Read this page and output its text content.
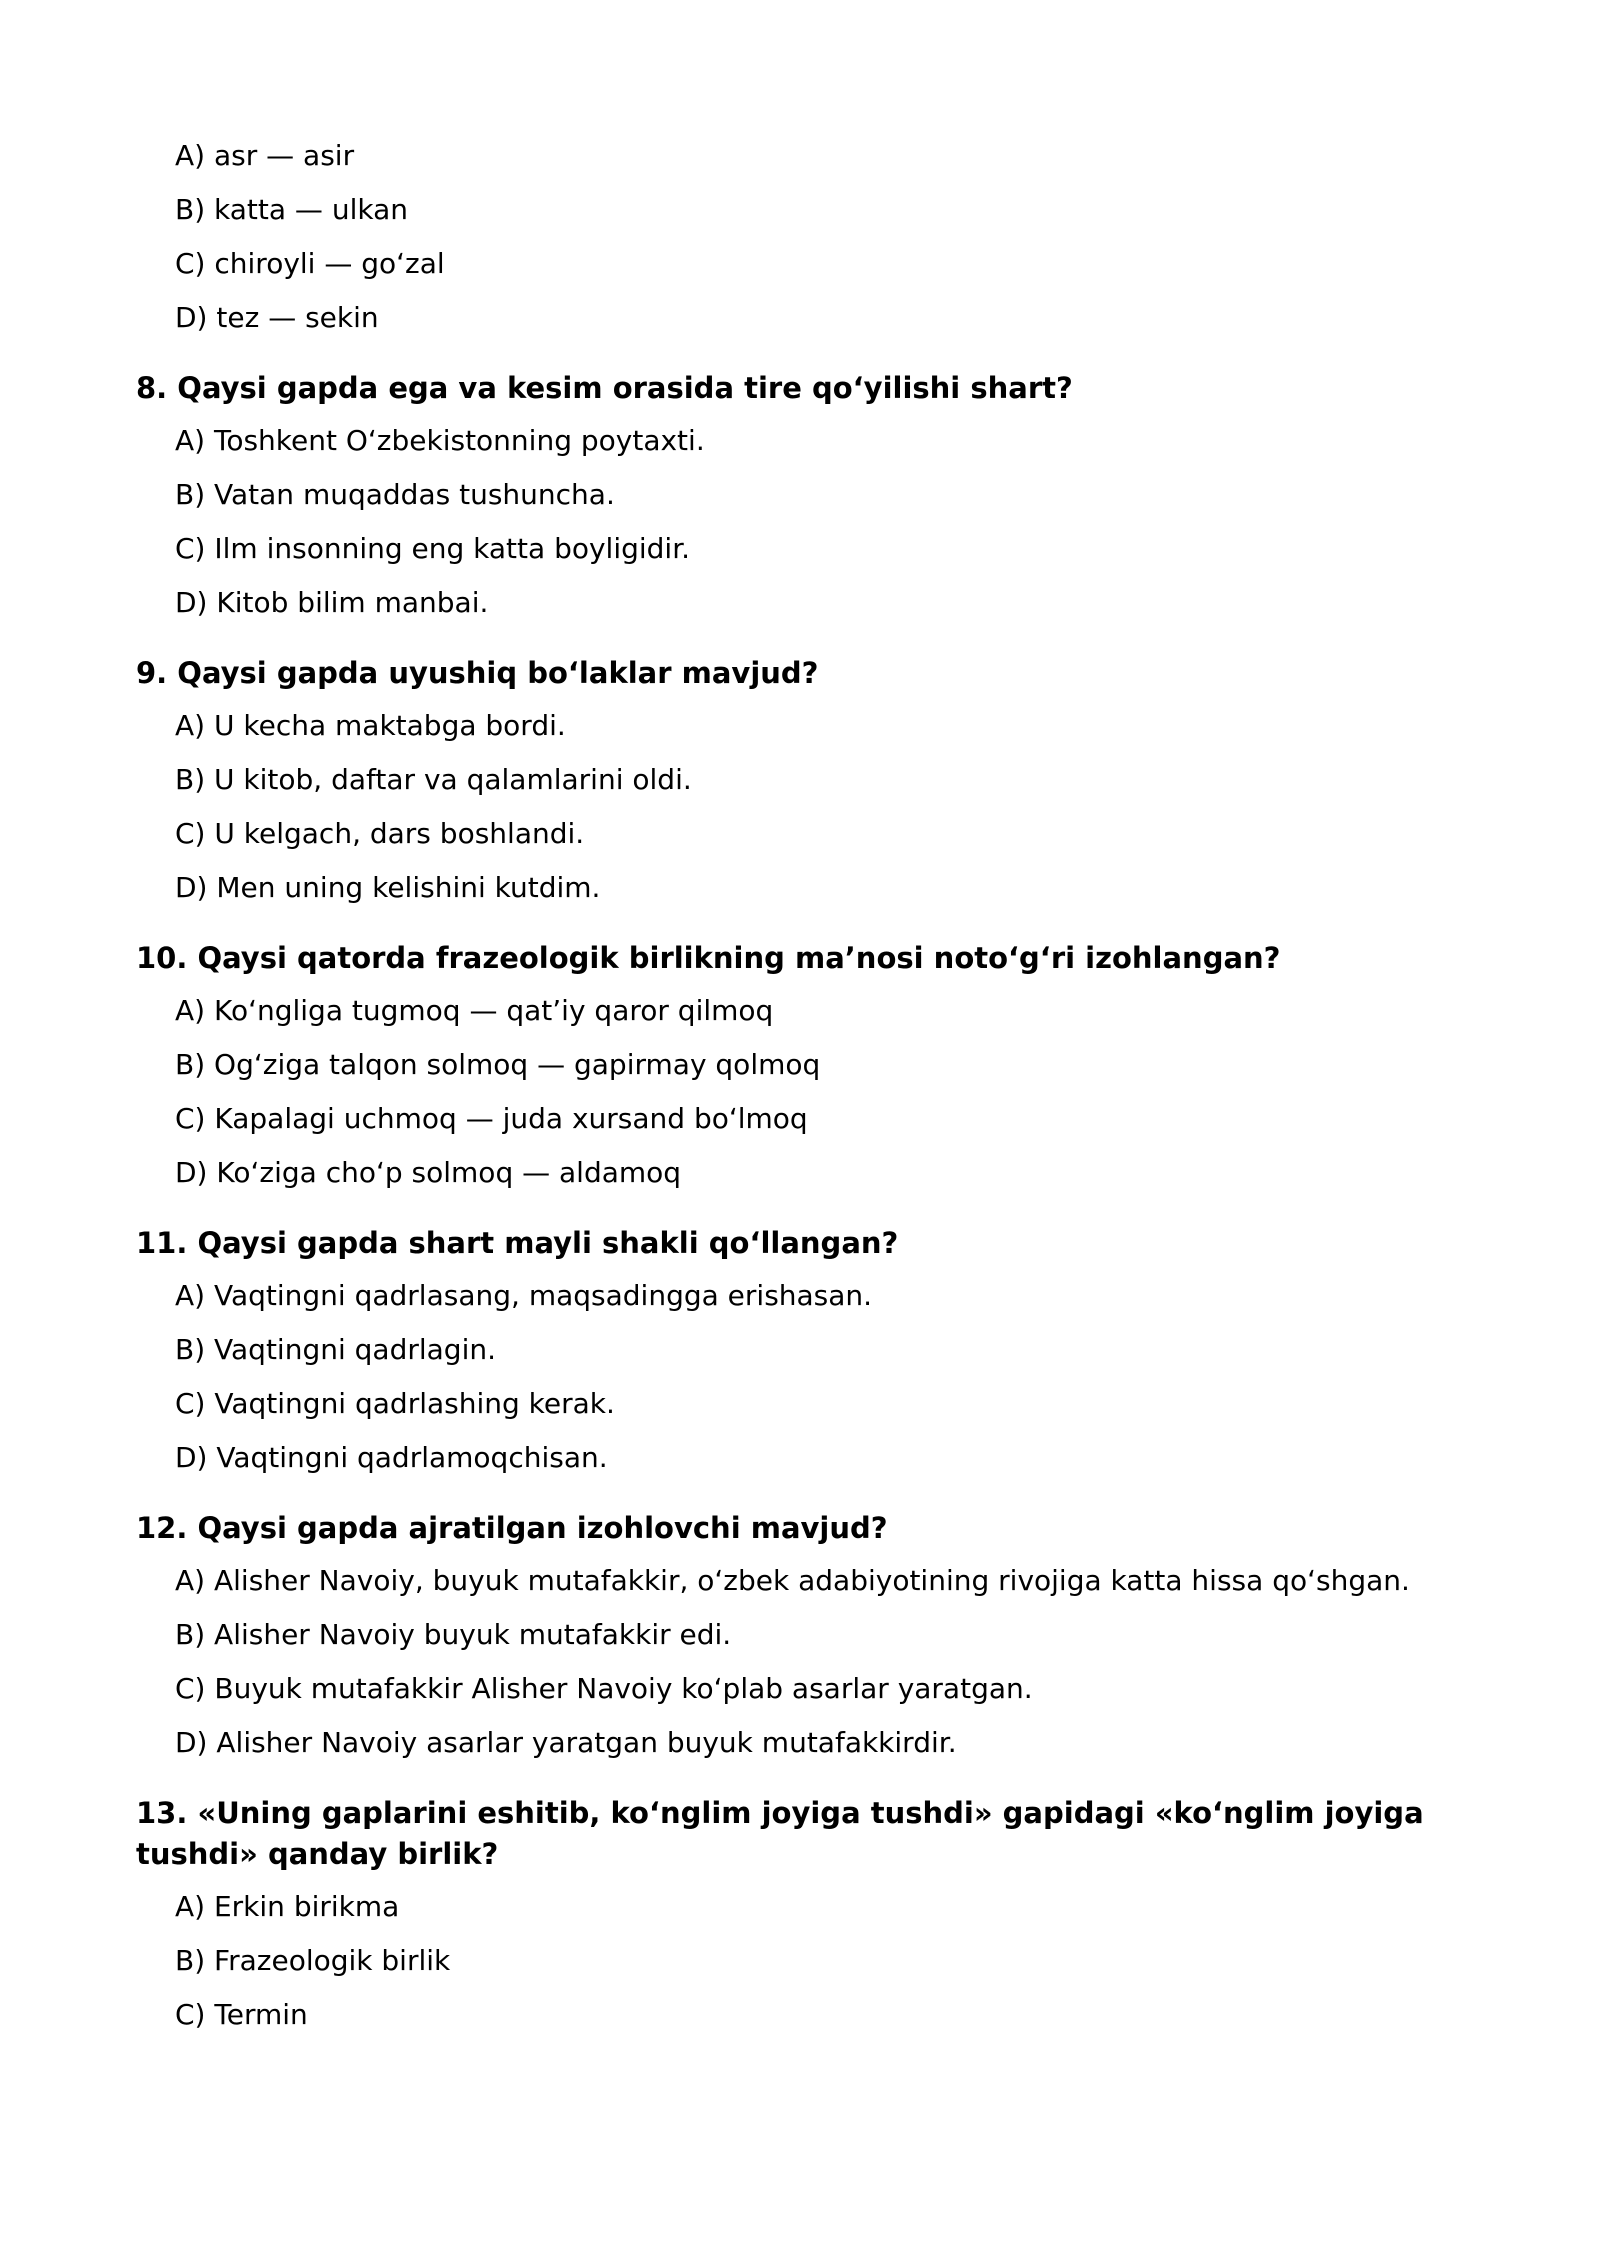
A) asr — asir
B) katta — ulkan
C) chiroyli — goʻzal
D) tez — sekin
8. Qaysi gapda ega va kesim orasida tire qoʻyilishi shart?
A) Toshkent Oʻzbekistonning poytaxti.
B) Vatan muqaddas tushuncha.
C) Ilm insonning eng katta boyligidir.
D) Kitob bilim manbai.
9. Qaysi gapda uyushiq boʻlaklar mavjud?
A) U kecha maktabga bordi.
B) U kitob, daftar va qalamlarini oldi.
C) U kelgach, dars boshlandi.
D) Men uning kelishini kutdim.
10. Qaysi qatorda frazeologik birlikning ma’nosi notoʻgʻri izohlangan?
A) Koʻngliga tugmoq — qat’iy qaror qilmoq
B) Ogʻziga talqon solmoq — gapirmay qolmoq
C) Kapalagi uchmoq — juda xursand boʻlmoq
D) Koʻziga choʻp solmoq — aldamoq
11. Qaysi gapda shart mayli shakli qoʻllangan?
A) Vaqtingni qadrlasang, maqsadingga erishasan.
B) Vaqtingni qadrlagin.
C) Vaqtingni qadrlashing kerak.
D) Vaqtingni qadrlamoqchisan.
12. Qaysi gapda ajratilgan izohlovchi mavjud?
A) Alisher Navoiy, buyuk mutafakkir, oʻzbek adabiyotining rivojiga katta hissa qoʻshgan.
B) Alisher Navoiy buyuk mutafakkir edi.
C) Buyuk mutafakkir Alisher Navoiy koʻplab asarlar yaratgan.
D) Alisher Navoiy asarlar yaratgan buyuk mutafakkirdir.
13. «Uning gaplarini eshitib, koʻnglim joyiga tushdi» gapidagi «koʻnglim joyiga tushdi» qanday birlik?
A) Erkin birikma
B) Frazeologik birlik
C) Termin
